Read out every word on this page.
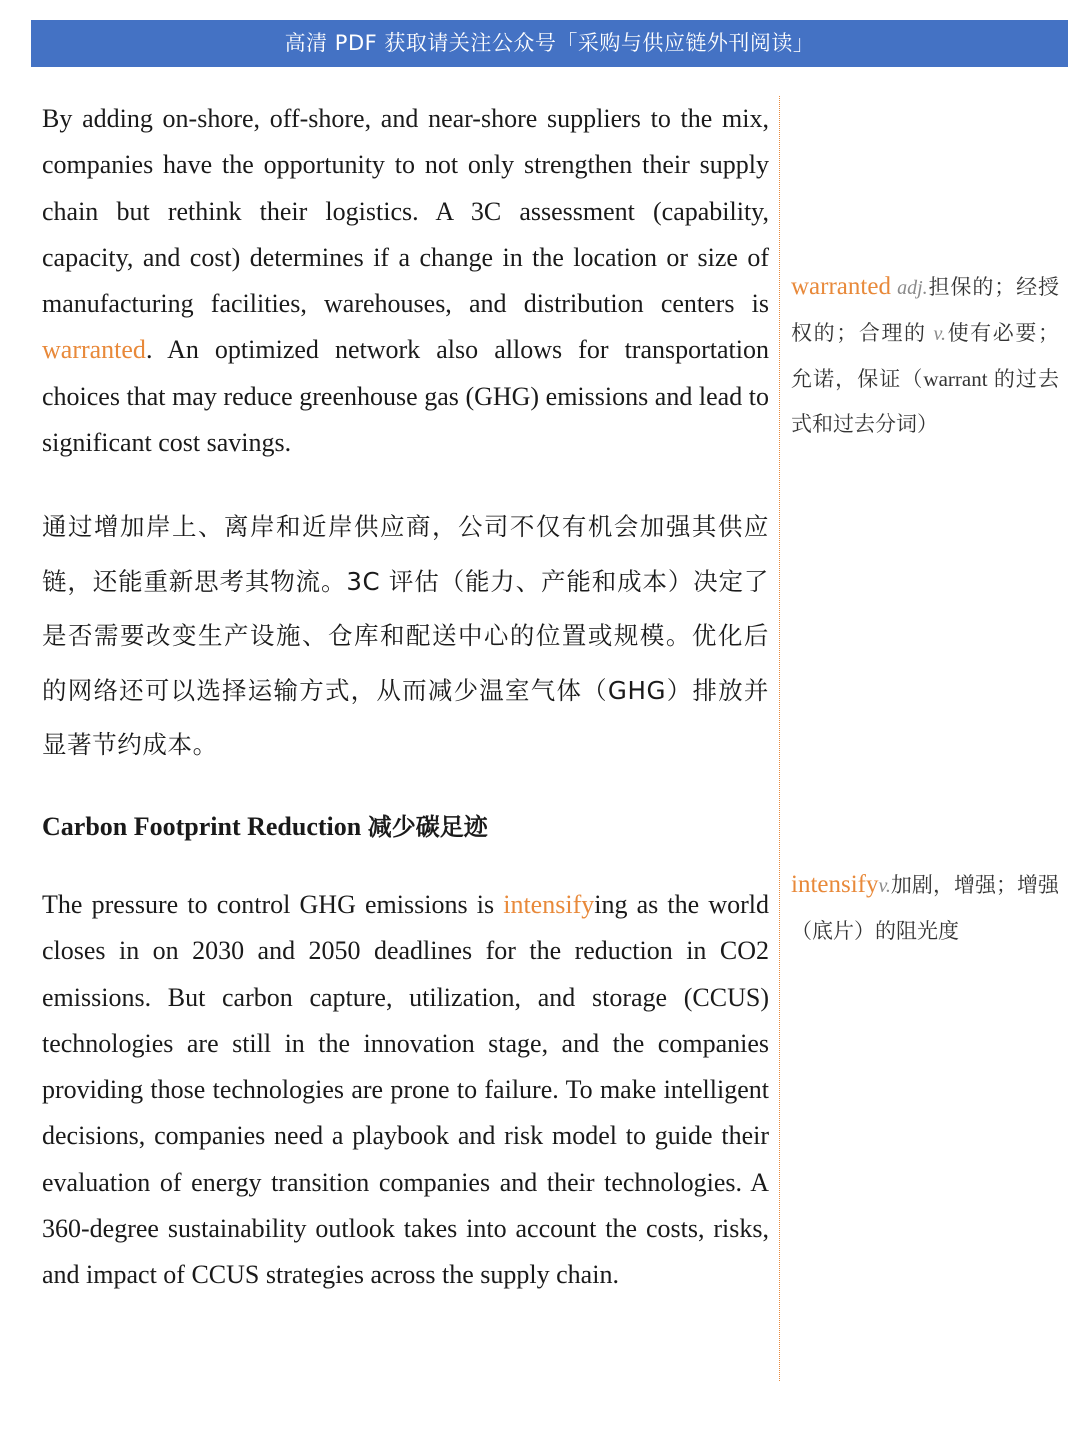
高清 PDF 获取请关注公众号「采购与供应链外刊阅读」

By adding on-shore, off-shore, and near-shore suppliers to the mix, companies have the opportunity to not only strengthen their supply chain but rethink their logistics. A 3C assessment (capability, capacity, and cost) determines if a change in the location or size of manufacturing facilities, warehouses, and distribution centers is warranted. An optimized network also allows for transportation choices that may reduce greenhouse gas (GHG) emissions and lead to significant cost savings.

通过增加岸上、离岸和近岸供应商，公司不仅有机会加强其供应链，还能重新思考其物流。3C 评估（能力、产能和成本）决定了是否需要改变生产设施、仓库和配送中心的位置或规模。优化后的网络还可以选择运输方式，从而减少温室气体（GHG）排放并显著节约成本。

Carbon Footprint Reduction 减少碳足迹

The pressure to control GHG emissions is intensifying as the world closes in on 2030 and 2050 deadlines for the reduction in CO2 emissions. But carbon capture, utilization, and storage (CCUS) technologies are still in the innovation stage, and the companies providing those technologies are prone to failure. To make intelligent decisions, companies need a playbook and risk model to guide their evaluation of energy transition companies and their technologies. A 360-degree sustainability outlook takes into account the costs, risks, and impact of CCUS strategies across the supply chain.

warranted adj.担保的；经授权的；合理的 v.使有必要；允诺，保证（warrant 的过去式和过去分词）
intensifyv.加剧，增强；增强（底片）的阻光度
